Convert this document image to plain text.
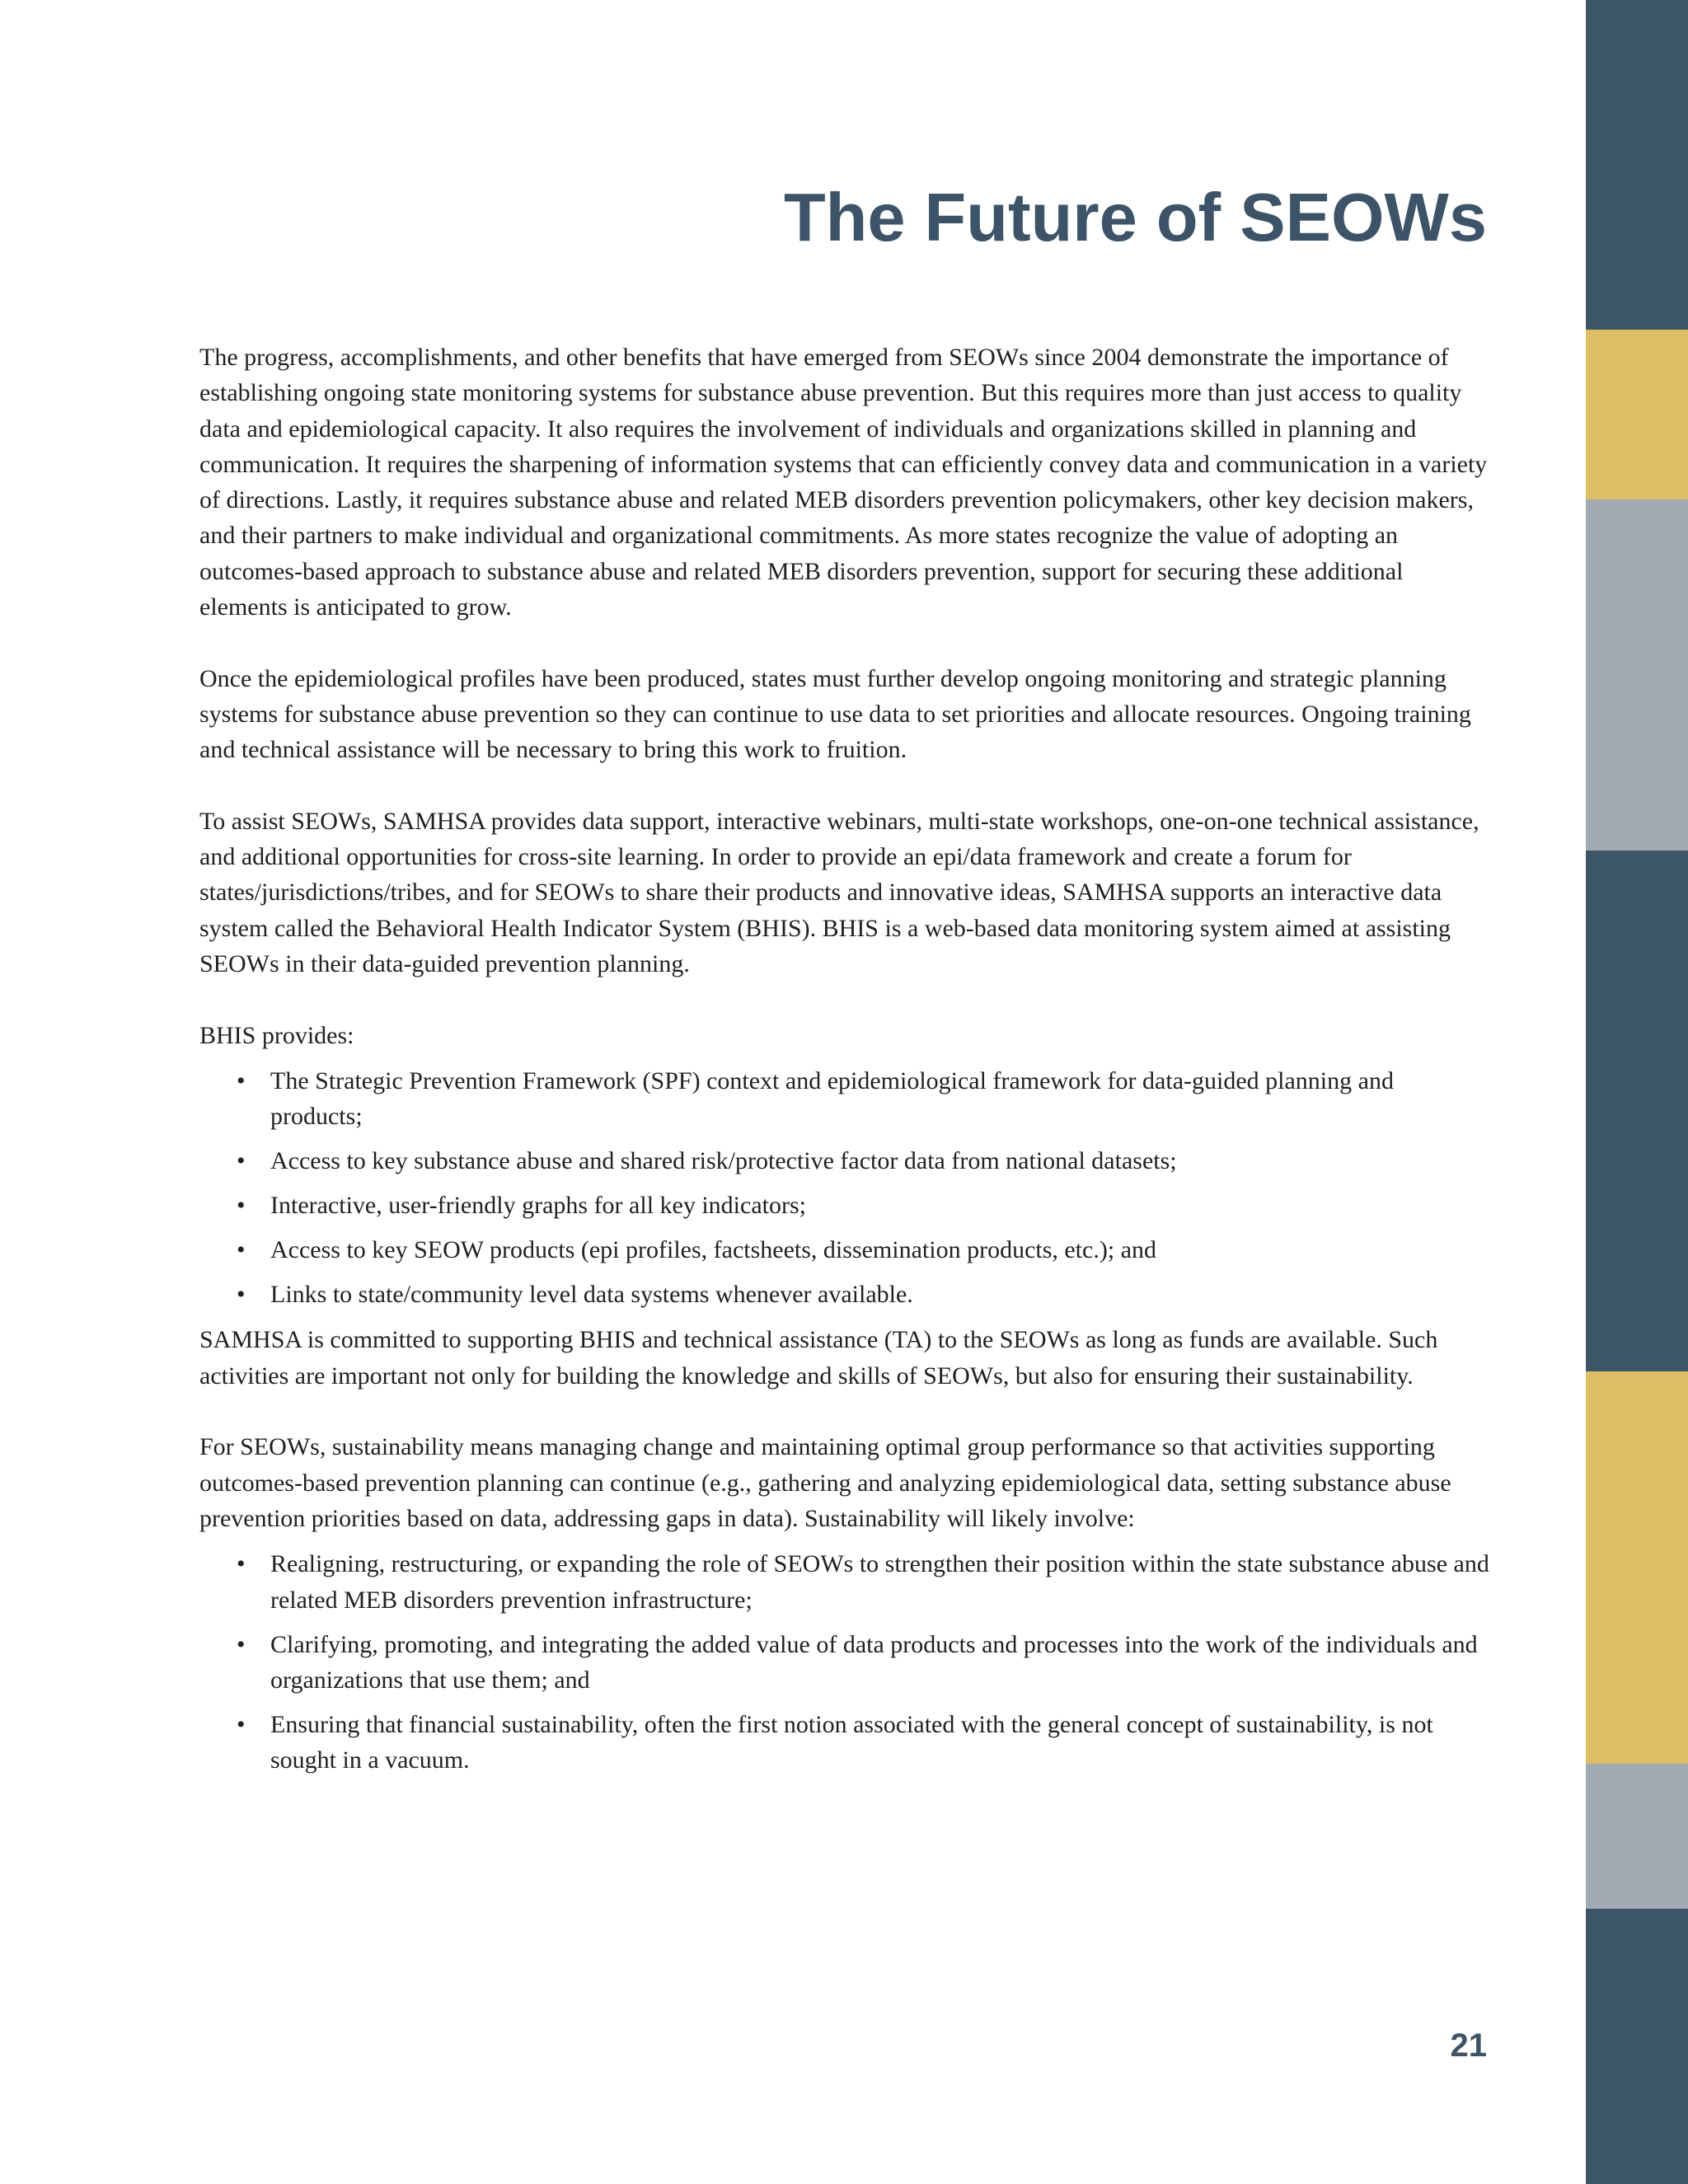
The Future of SEOWs

The progress, accomplishments, and other benefits that have emerged from SEOWs since 2004 demonstrate the importance of establishing ongoing state monitoring systems for substance abuse prevention. But this requires more than just access to quality data and epidemiological capacity. It also requires the involvement of individuals and organizations skilled in planning and communication. It requires the sharpening of information systems that can efficiently convey data and communication in a variety of directions. Lastly, it requires substance abuse and related MEB disorders prevention policymakers, other key decision makers, and their partners to make individual and organizational commitments. As more states recognize the value of adopting an outcomes-based approach to substance abuse and related MEB disorders prevention, support for securing these additional elements is anticipated to grow.

Once the epidemiological profiles have been produced, states must further develop ongoing monitoring and strategic planning systems for substance abuse prevention so they can continue to use data to set priorities and allocate resources. Ongoing training and technical assistance will be necessary to bring this work to fruition.

To assist SEOWs, SAMHSA provides data support, interactive webinars, multi-state workshops, one-on-one technical assistance, and additional opportunities for cross-site learning. In order to provide an epi/data framework and create a forum for states/jurisdictions/tribes, and for SEOWs to share their products and innovative ideas, SAMHSA supports an interactive data system called the Behavioral Health Indicator System (BHIS). BHIS is a web-based data monitoring system aimed at assisting SEOWs in their data-guided prevention planning.

BHIS provides:

• The Strategic Prevention Framework (SPF) context and epidemiological framework for data-guided planning and products;
• Access to key substance abuse and shared risk/protective factor data from national datasets;
• Interactive, user-friendly graphs for all key indicators;
• Access to key SEOW products (epi profiles, factsheets, dissemination products, etc.); and
• Links to state/community level data systems whenever available.

SAMHSA is committed to supporting BHIS and technical assistance (TA) to the SEOWs as long as funds are available. Such activities are important not only for building the knowledge and skills of SEOWs, but also for ensuring their sustainability.

For SEOWs, sustainability means managing change and maintaining optimal group performance so that activities supporting outcomes-based prevention planning can continue (e.g., gathering and analyzing epidemiological data, setting substance abuse prevention priorities based on data, addressing gaps in data). Sustainability will likely involve:

• Realigning, restructuring, or expanding the role of SEOWs to strengthen their position within the state substance abuse and related MEB disorders prevention infrastructure;
• Clarifying, promoting, and integrating the added value of data products and processes into the work of the individuals and organizations that use them; and
• Ensuring that financial sustainability, often the first notion associated with the general concept of sustainability, is not sought in a vacuum.
21
